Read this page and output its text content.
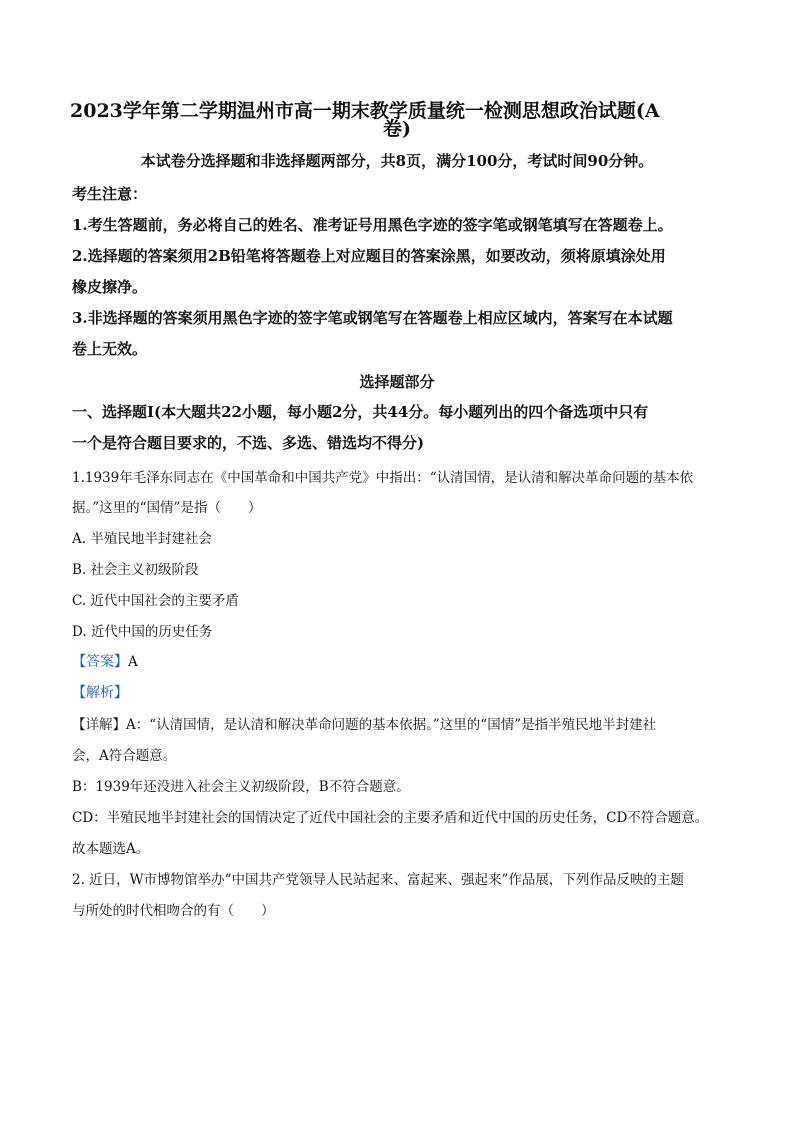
2023学年第二学期温州市高一期末教学质量统一检测思想政治试题(A
卷)
本试卷分选择题和非选择题两部分，共8页，满分100分，考试时间90分钟。
考生注意：
1.考生答题前，务必将自己的姓名、准考证号用黑色字迹的签字笔或钢笔填写在答题卷上。
2.选择题的答案须用2B铅笔将答题卷上对应题目的答案涂黑，如要改动，须将原填涂处用
橡皮擦净。
3.非选择题的答案须用黑色字迹的签字笔或钢笔写在答题卷上相应区域内，答案写在本试题
卷上无效。
选择题部分
一、选择题Ⅰ(本大题共22小题，每小题2分，共44分。每小题列出的四个备选项中只有
一个是符合题目要求的，不选、多选、错选均不得分)
1.1939年毛泽东同志在《中国革命和中国共产党》中指出：“认清国情，是认清和解决革命问题的基本依
据。”这里的“国情”是指（　　）
A. 半殖民地半封建社会
B. 社会主义初级阶段
C. 近代中国社会的主要矛盾
D. 近代中国的历史任务
【答案】A
【解析】
【详解】A：“认清国情，是认清和解决革命问题的基本依据。”这里的“国情”是指半殖民地半封建社
会，A符合题意。
B：1939年还没进入社会主义初级阶段，B不符合题意。
CD：半殖民地半封建社会的国情决定了近代中国社会的主要矛盾和近代中国的历史任务，CD不符合题意。
故本题选A。
2. 近日，W市博物馆举办“中国共产党领导人民站起来、富起来、强起来”作品展，下列作品反映的主题
与所处的时代相吻合的有（　　）
